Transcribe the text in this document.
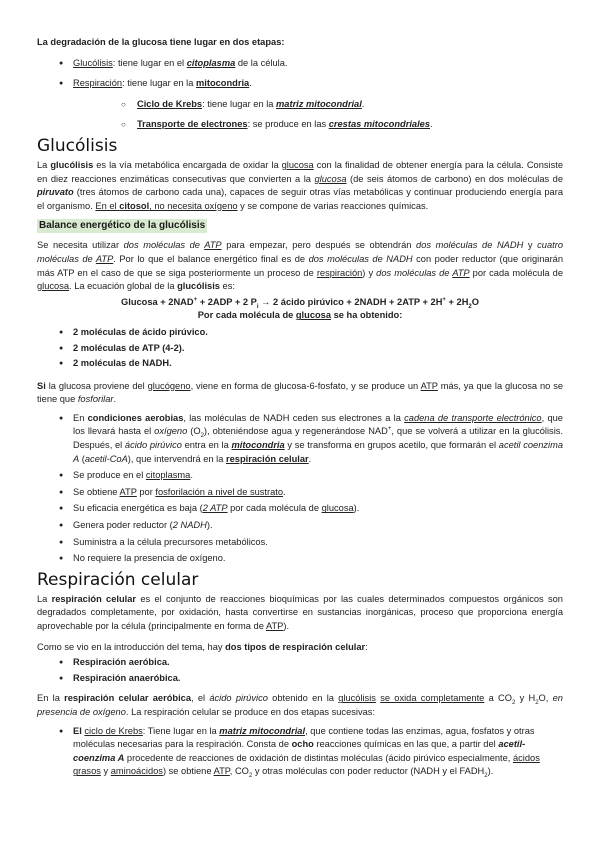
La degradación de la glucosa tiene lugar en dos etapas:

● Glucólisis: tiene lugar en el citoplasma de la célula.
● Respiración: tiene lugar en la mitocondria.
○ Ciclo de Krebs: tiene lugar en la matriz mitocondrial.
○ Transporte de electrones: se produce en las crestas mitocondriales.
Glucólisis

La glucólisis es la vía metabólica encargada de oxidar la glucosa con la finalidad de obtener energía para la célula. Consiste en diez reacciones enzimáticas consecutivas que convierten a la glucosa (de seis átomos de carbono) en dos moléculas de piruvato (tres átomos de carbono cada una), capaces de seguir otras vías metabólicas y continuar produciendo energía para el organismo. En el citosol, no necesita oxígeno y se compone de varias reacciones químicas.

Balance energético de la glucólisis

Se necesita utilizar dos moléculas de ATP para empezar, pero después se obtendrán dos moléculas de NADH y cuatro moléculas de ATP. Por lo que el balance energético final es de dos moléculas de NADH con poder reductor (que originarán más ATP en el caso de que se siga posteriormente un proceso de respiración) y dos moléculas de ATP por cada molécula de glucosa. La ecuación global de la glucólisis es:

Glucosa + 2NAD+ + 2ADP + 2 $P_i \to 2$ ácido pirúvico + 2NADH + $2ATP + 2H^+ + 2H_2O$

Por cada molécula de glucosa se ha obtenido:

● 2 moléculas de ácido pirúvico.
● 2 moléculas de ATP (4-2).
● 2 moléculas de NADH.

Si la glucosa proviene del glucógeno, viene en forma de glucosa-6-fosfato, y se produce un ATP más, ya que la glucosa no se tiene que fosforilar.

● En condiciones aerobias, las moléculas de NADH ceden sus electrones a la cadena de transporte electrónico, que los llevará hasta el oxígeno $(O_2)$, obteniéndose agua y regenerándose NAD+, que se volverá a utilizar en la glucólisis. Después, el ácido pirúvico entra en la mitocondria y se transforma en grupos acetilo, que formarán el acetil coenzima A (acetil-CoA), que intervendrá en la respiración celular.
● Se produce en el citoplasma.
● Se obtiene ATP por fosforilación a nivel de sustrato.
● Su eficacia energética es baja (2 ATP por cada molécula de glucosa).
● Genera poder reductor (2 NADH).
● Suministra a la célula precursores metabólicos.
● No requiere la presencia de oxígeno.
Respiración celular

La respiración celular es el conjunto de reacciones bioquímicas por las cuales determinados compuestos orgánicos son degradados completamente, por oxidación, hasta convertirse en sustancias inorgánicas, proceso que proporciona energía aprovechable por la célula (principalmente en forma de ATP).

Como se vio en la introducción del tema, hay dos tipos de respiración celular:

● Respiración aeróbica.
● Respiración anaeróbica.

En la respiración celular aeróbica, el ácido pirúvico obtenido en la glucólisis se oxida completamente a $CO_2$ y $H_2O$, en presencia de oxígeno. La respiración celular se produce en dos etapas sucesivas:

● El ciclo de Krebs: Tiene lugar en la matriz mitocondrial, que contiene todas las enzimas, agua, fosfatos y otras moléculas necesarias para la respiración. Consta de ocho reacciones químicas en las que, a partir del acetil-coenzima A procedente de reacciones de oxidación de distintas moléculas (ácido pirúvico especialmente, ácidos grasos y aminoácidos) se obtiene ATP, $CO_2$ y otras moléculas con poder reductor (NADH y el $FADH_2$).
